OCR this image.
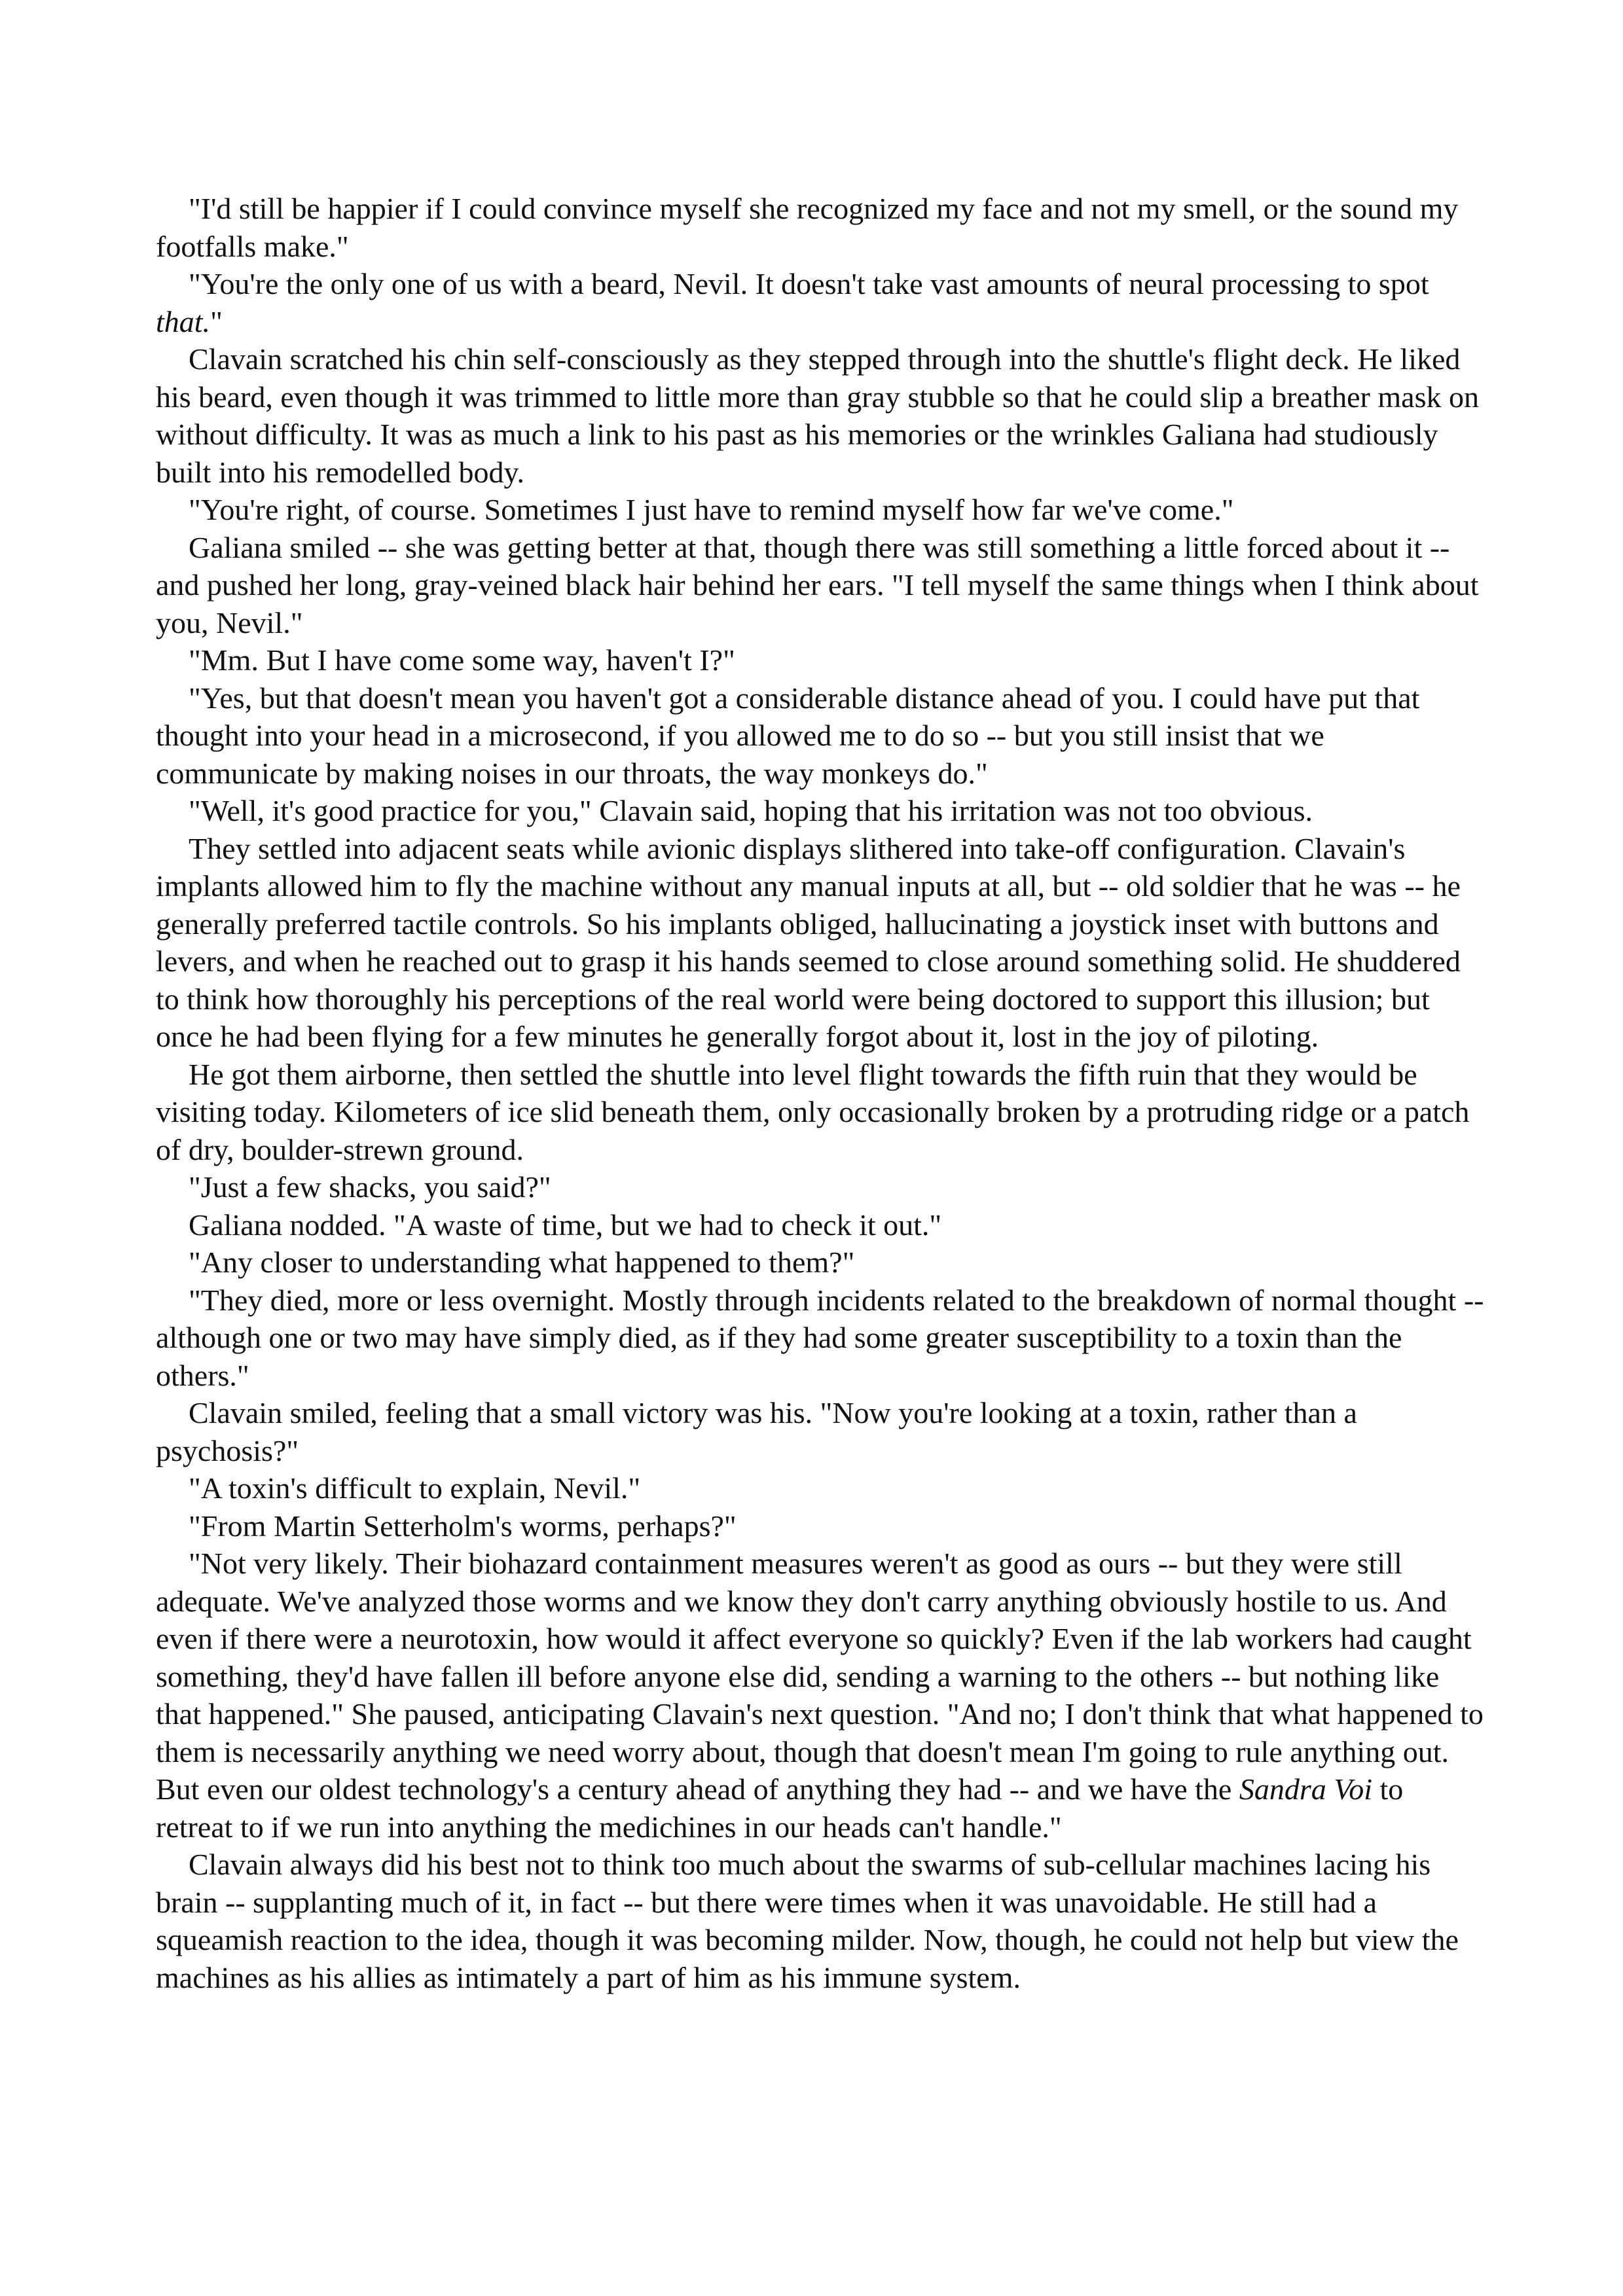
"I'd still be happier if I could convince myself she recognized my face and not my smell, or the sound my footfalls make."

"You're the only one of us with a beard, Nevil. It doesn't take vast amounts of neural processing to spot that."

Clavain scratched his chin self-consciously as they stepped through into the shuttle's flight deck. He liked his beard, even though it was trimmed to little more than gray stubble so that he could slip a breather mask on without difficulty. It was as much a link to his past as his memories or the wrinkles Galiana had studiously built into his remodelled body.

"You're right, of course. Sometimes I just have to remind myself how far we've come."

Galiana smiled -- she was getting better at that, though there was still something a little forced about it -- and pushed her long, gray-veined black hair behind her ears. "I tell myself the same things when I think about you, Nevil."

"Mm. But I have come some way, haven't I?"

"Yes, but that doesn't mean you haven't got a considerable distance ahead of you. I could have put that thought into your head in a microsecond, if you allowed me to do so -- but you still insist that we communicate by making noises in our throats, the way monkeys do."

"Well, it's good practice for you," Clavain said, hoping that his irritation was not too obvious.

They settled into adjacent seats while avionic displays slithered into take-off configuration. Clavain's implants allowed him to fly the machine without any manual inputs at all, but -- old soldier that he was -- he generally preferred tactile controls. So his implants obliged, hallucinating a joystick inset with buttons and levers, and when he reached out to grasp it his hands seemed to close around something solid. He shuddered to think how thoroughly his perceptions of the real world were being doctored to support this illusion; but once he had been flying for a few minutes he generally forgot about it, lost in the joy of piloting.

He got them airborne, then settled the shuttle into level flight towards the fifth ruin that they would be visiting today. Kilometers of ice slid beneath them, only occasionally broken by a protruding ridge or a patch of dry, boulder-strewn ground.

"Just a few shacks, you said?"

Galiana nodded. "A waste of time, but we had to check it out."

"Any closer to understanding what happened to them?"

"They died, more or less overnight. Mostly through incidents related to the breakdown of normal thought -- although one or two may have simply died, as if they had some greater susceptibility to a toxin than the others."

Clavain smiled, feeling that a small victory was his. "Now you're looking at a toxin, rather than a psychosis?"

"A toxin's difficult to explain, Nevil."

"From Martin Setterholm's worms, perhaps?"

"Not very likely. Their biohazard containment measures weren't as good as ours -- but they were still adequate. We've analyzed those worms and we know they don't carry anything obviously hostile to us. And even if there were a neurotoxin, how would it affect everyone so quickly? Even if the lab workers had caught something, they'd have fallen ill before anyone else did, sending a warning to the others -- but nothing like that happened." She paused, anticipating Clavain's next question. "And no; I don't think that what happened to them is necessarily anything we need worry about, though that doesn't mean I'm going to rule anything out. But even our oldest technology's a century ahead of anything they had -- and we have the Sandra Voi to retreat to if we run into anything the medichines in our heads can't handle."

Clavain always did his best not to think too much about the swarms of sub-cellular machines lacing his brain -- supplanting much of it, in fact -- but there were times when it was unavoidable. He still had a squeamish reaction to the idea, though it was becoming milder. Now, though, he could not help but view the machines as his allies as intimately a part of him as his immune system.
